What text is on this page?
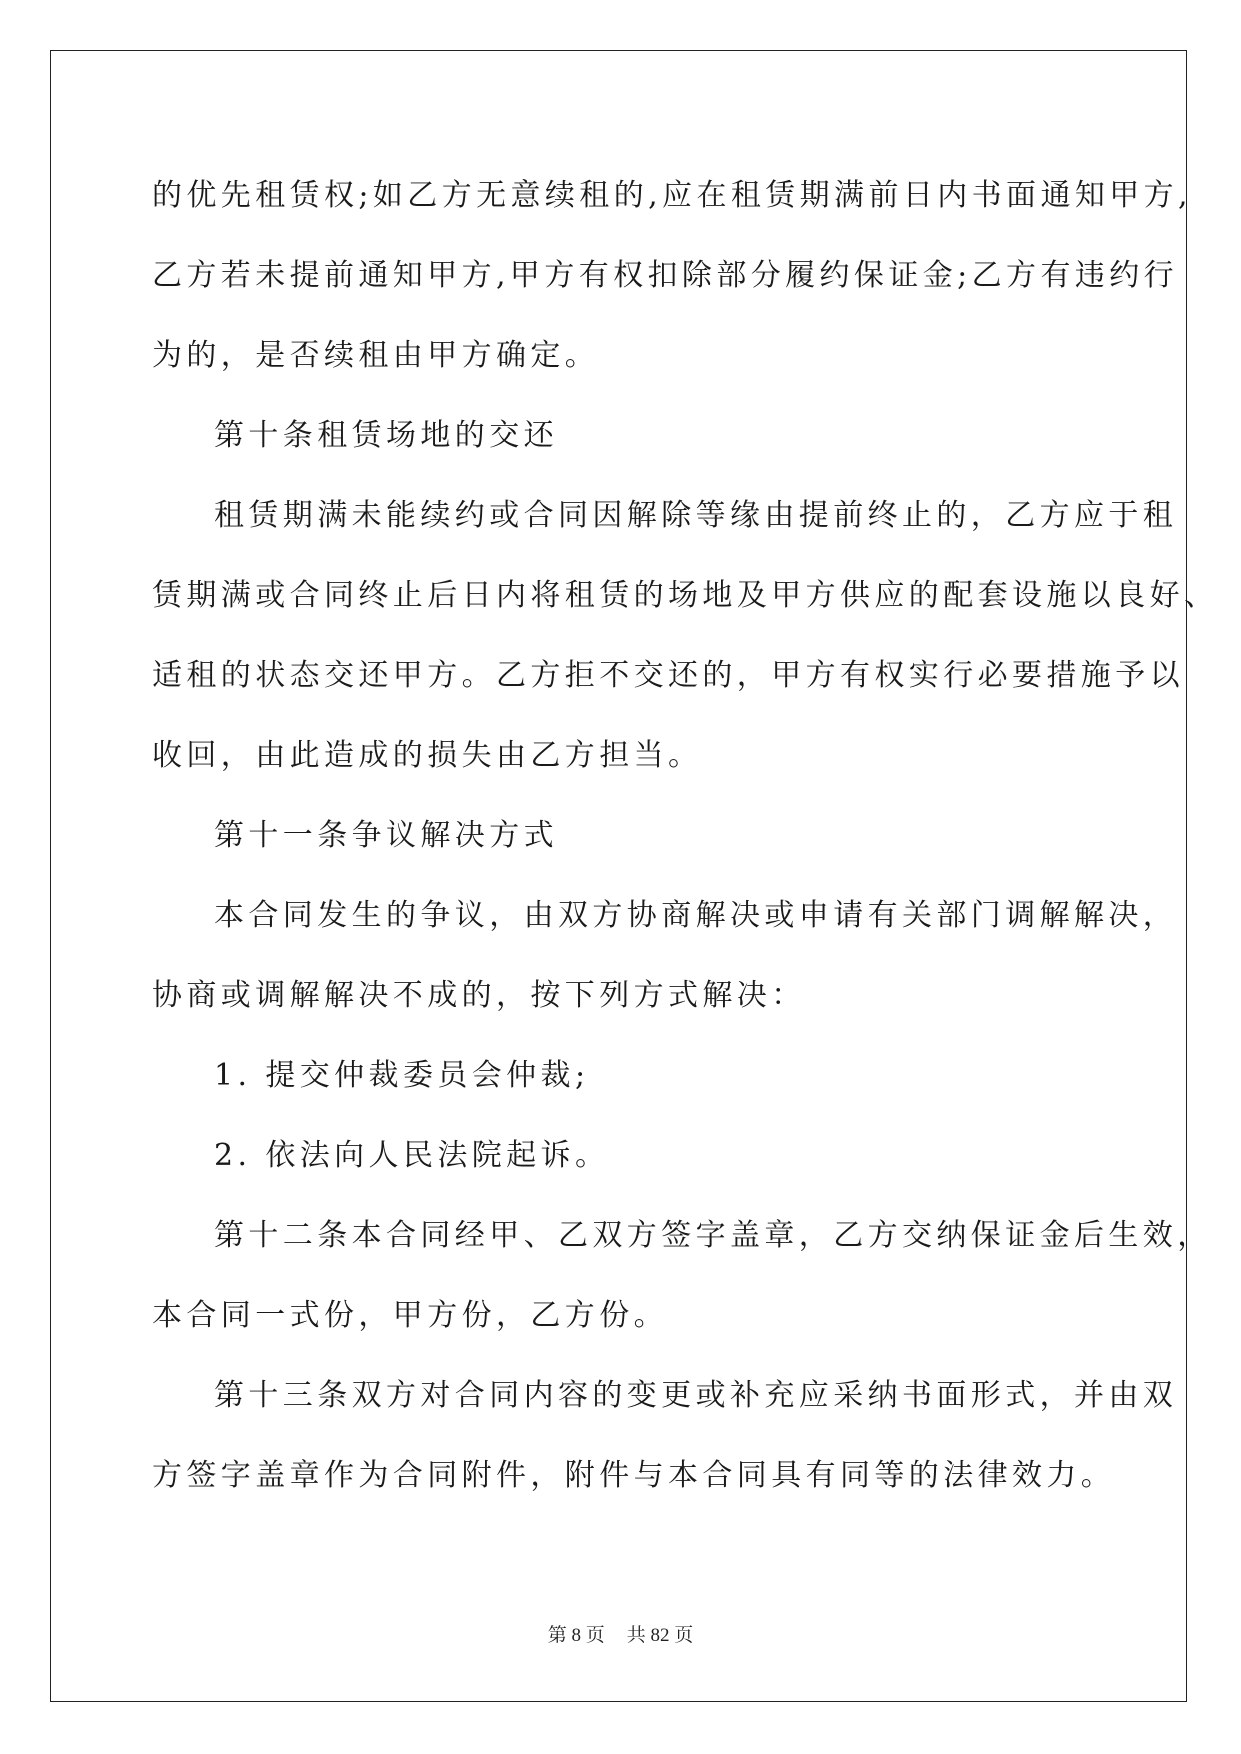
的优先租赁权;如乙方无意续租的,应在租赁期满前日内书面通知甲方,
乙方若未提前通知甲方,甲方有权扣除部分履约保证金;乙方有违约行
为的，是否续租由甲方确定。
第十条租赁场地的交还
租赁期满未能续约或合同因解除等缘由提前终止的，乙方应于租
赁期满或合同终止后日内将租赁的场地及甲方供应的配套设施以良好、
适租的状态交还甲方。乙方拒不交还的，甲方有权实行必要措施予以
收回，由此造成的损失由乙方担当。
第十一条争议解决方式
本合同发生的争议，由双方协商解决或申请有关部门调解解决，
协商或调解解决不成的，按下列方式解决：
1. 提交仲裁委员会仲裁;
2. 依法向人民法院起诉。
第十二条本合同经甲、乙双方签字盖章，乙方交纳保证金后生效，
本合同一式份，甲方份，乙方份。
第十三条双方对合同内容的变更或补充应采纳书面形式，并由双
方签字盖章作为合同附件，附件与本合同具有同等的法律效力。
第 8 页 共 82 页
